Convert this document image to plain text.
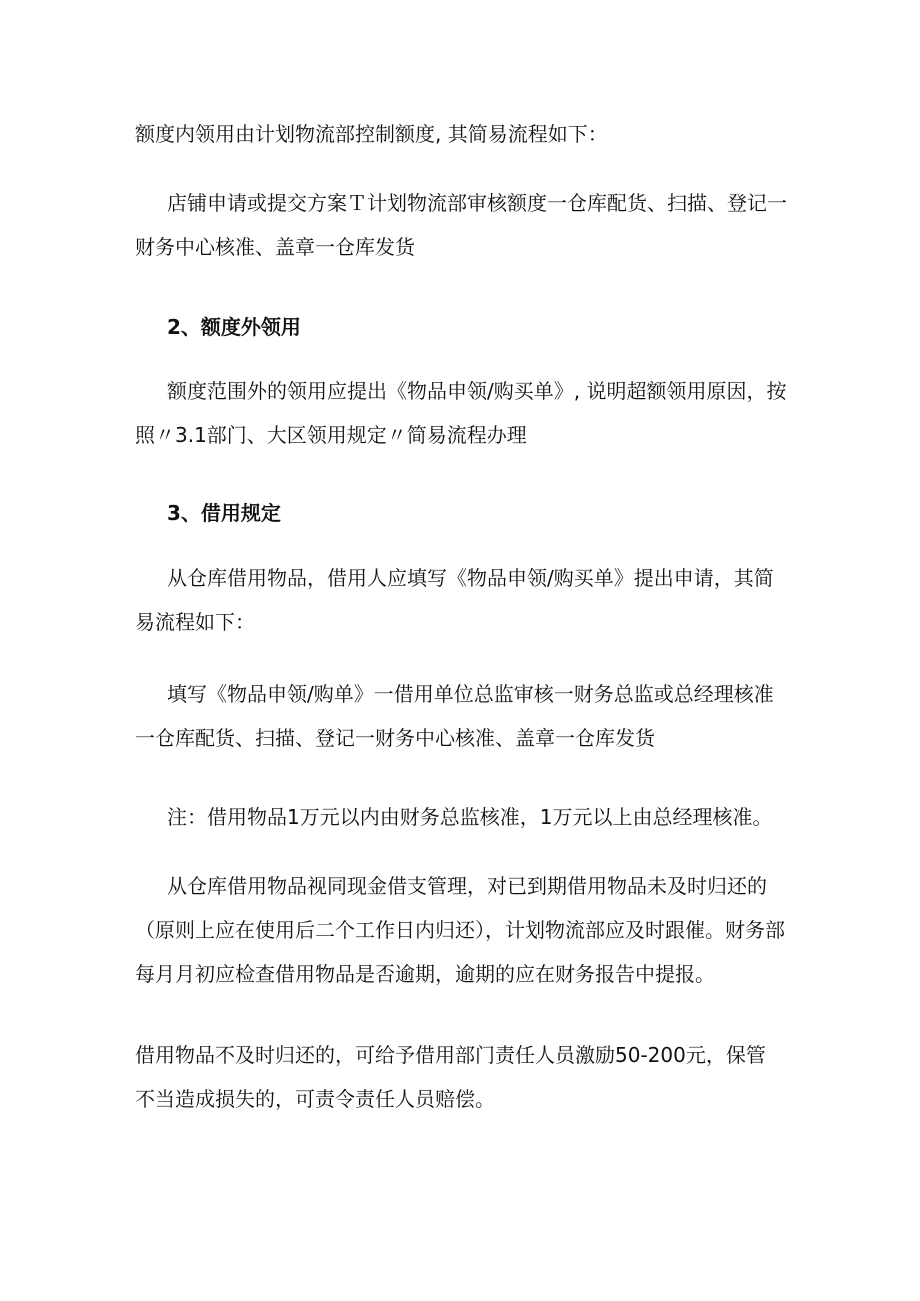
额度内领用由计划物流部控制额度, 其简易流程如下：

店铺申请或提交方案Ｔ计划物流部审核额度一仓库配货、扫描、登记一
财务中心核准、盖章一仓库发货

2、额度外领用

额度范围外的领用应提出《物品申领/购买单》, 说明超额领用原因，按
照〃3.1部门、大区领用规定〃简易流程办理

3、借用规定

从仓库借用物品，借用人应填写《物品申领/购买单》提出申请，其简
易流程如下：

填写《物品申领/购单》一借用单位总监审核一财务总监或总经理核准
一仓库配货、扫描、登记一财务中心核准、盖章一仓库发货

注：借用物品1万元以内由财务总监核准，1万元以上由总经理核准。

从仓库借用物品视同现金借支管理，对已到期借用物品未及时归还的
（原则上应在使用后二个工作日内归还），计划物流部应及时跟催。财务部
每月月初应检查借用物品是否逾期，逾期的应在财务报告中提报。

借用物品不及时归还的，可给予借用部门责任人员激励50-200元，保管
不当造成损失的，可责令责任人员赔偿。
